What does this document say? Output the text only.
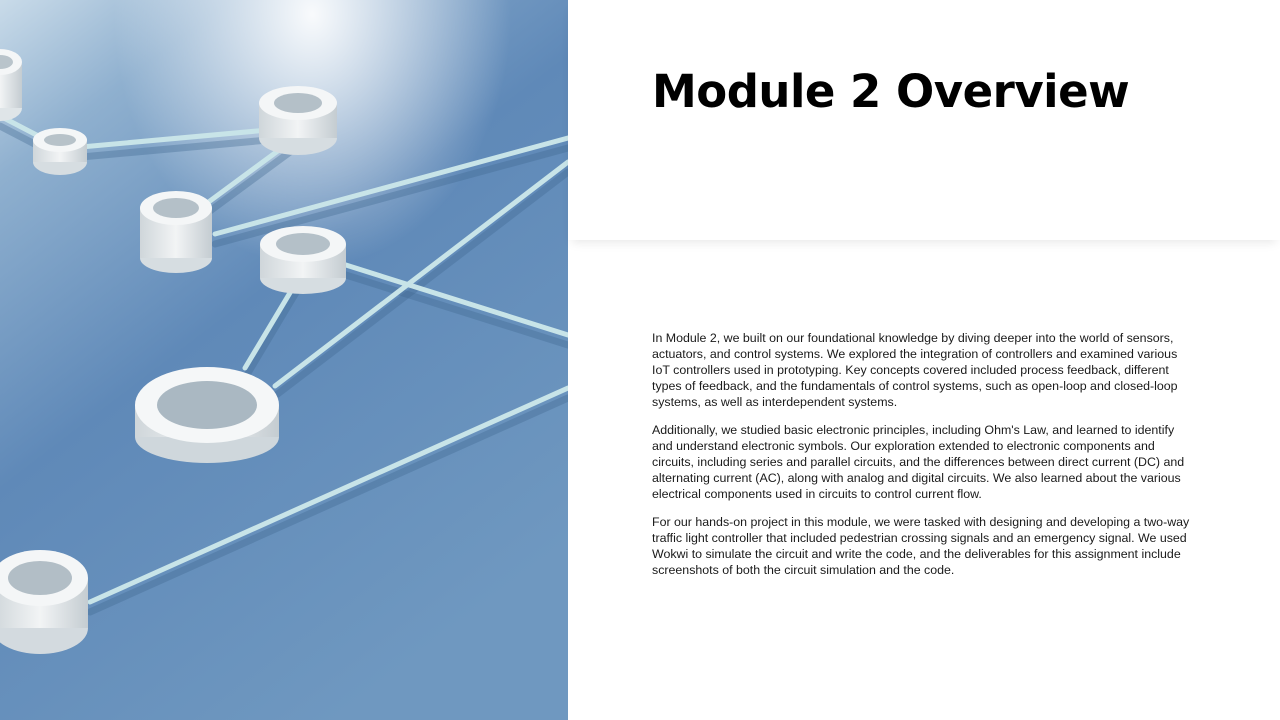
Module 2 Overview

In Module 2, we built on our foundational knowledge by diving deeper into the world of sensors, actuators, and control systems. We explored the integration of controllers and examined various IoT controllers used in prototyping. Key concepts covered included process feedback, different types of feedback, and the fundamentals of control systems, such as open-loop and closed-loop systems, as well as interdependent systems.

Additionally, we studied basic electronic principles, including Ohm's Law, and learned to identify and understand electronic symbols. Our exploration extended to electronic components and circuits, including series and parallel circuits, and the differences between direct current (DC) and alternating current (AC), along with analog and digital circuits. We also learned about the various electrical components used in circuits to control current flow.

For our hands-on project in this module, we were tasked with designing and developing a two-way traffic light controller that included pedestrian crossing signals and an emergency signal. We used Wokwi to simulate the circuit and write the code, and the deliverables for this assignment include screenshots of both the circuit simulation and the code.
